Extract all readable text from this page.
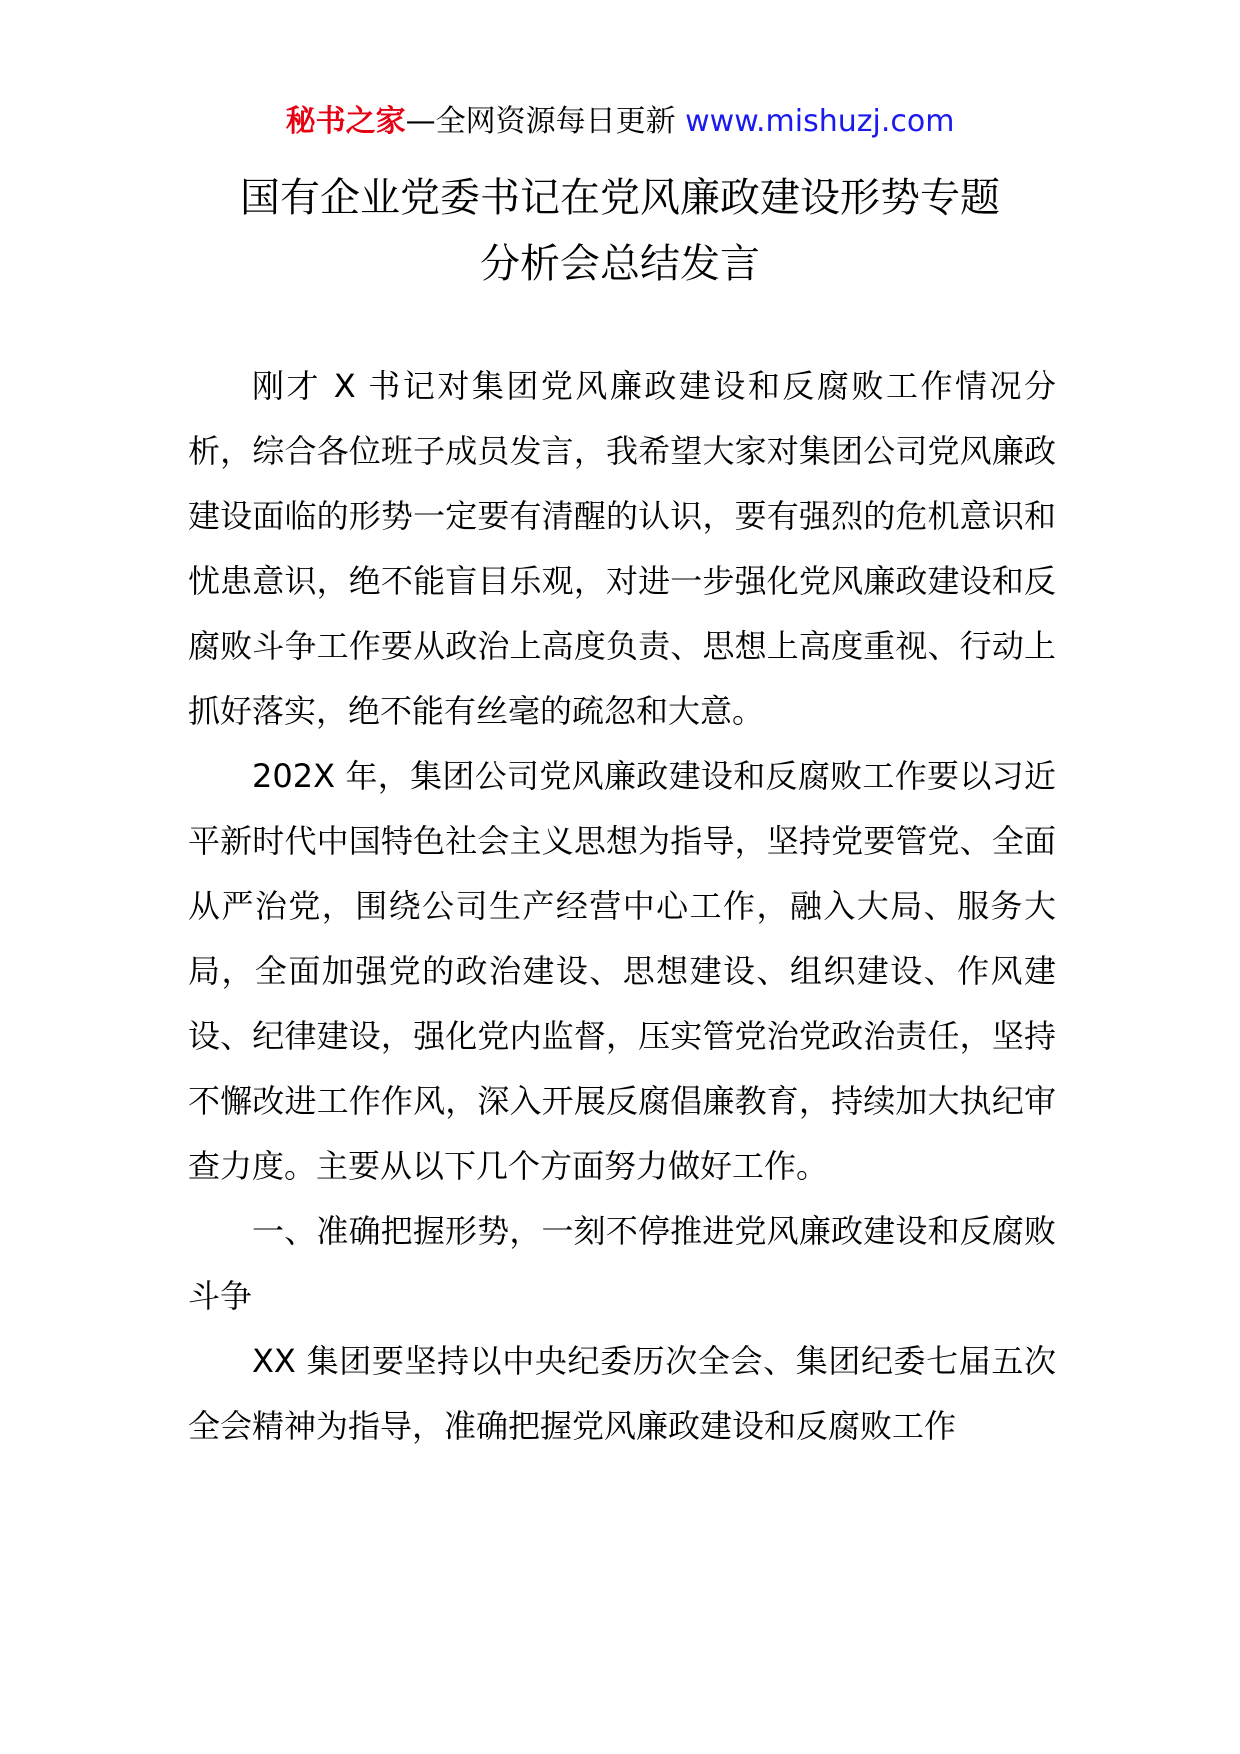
秘书之家—全网资源每日更新 www.mishuzj.com
国有企业党委书记在党风廉政建设形势专题
分析会总结发言

刚才 X 书记对集团党风廉政建设和反腐败工作情况分析，综合各位班子成员发言，我希望大家对集团公司党风廉政建设面临的形势一定要有清醒的认识，要有强烈的危机意识和忧患意识，绝不能盲目乐观，对进一步强化党风廉政建设和反腐败斗争工作要从政治上高度负责、思想上高度重视、行动上抓好落实，绝不能有丝毫的疏忽和大意。

202X 年，集团公司党风廉政建设和反腐败工作要以习近平新时代中国特色社会主义思想为指导，坚持党要管党、全面从严治党，围绕公司生产经营中心工作，融入大局、服务大局，全面加强党的政治建设、思想建设、组织建设、作风建设、纪律建设，强化党内监督，压实管党治党政治责任，坚持不懈改进工作作风，深入开展反腐倡廉教育，持续加大执纪审查力度。主要从以下几个方面努力做好工作。

一、准确把握形势，一刻不停推进党风廉政建设和反腐败斗争

XX 集团要坚持以中央纪委历次全会、集团纪委七届五次全会精神为指导，准确把握党风廉政建设和反腐败工作
